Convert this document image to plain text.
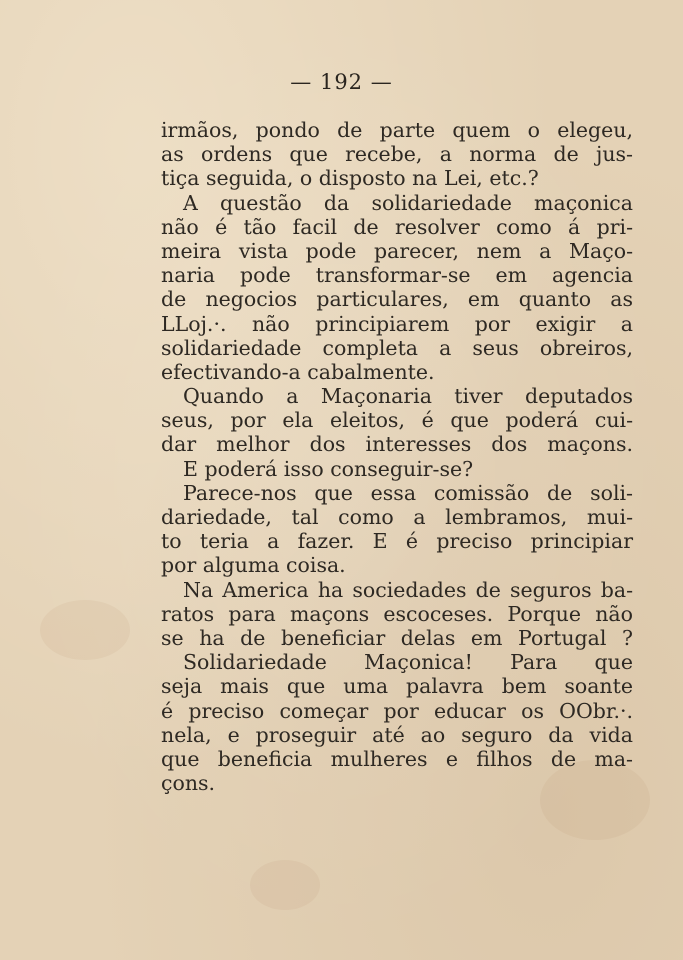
— 192 —
irmãos, pondo de parte quem o elegeu,
as ordens que recebe, a norma de jus-
tiça seguida, o disposto na Lei, etc.?
A questão da solidariedade maçonica
não é tão facil de resolver como á pri-
meira vista pode parecer, nem a Maço-
naria pode transformar-se em agencia
de negocios particulares, em quanto as
LLoj.·. não principiarem por exigir a
solidariedade completa a seus obreiros,
efectivando-a cabalmente.
Quando a Maçonaria tiver deputados
seus, por ela eleitos, é que poderá cui-
dar melhor dos interesses dos maçons.
E poderá isso conseguir-se?
Parece-nos que essa comissão de soli-
dariedade, tal como a lembramos, mui-
to teria a fazer. E é preciso principiar
por alguma coisa.
Na America ha sociedades de seguros ba-
ratos para maçons escoceses. Porque não
se ha de beneficiar delas em Portugal ?
Solidariedade Maçonica! Para que
seja mais que uma palavra bem soante
é preciso começar por educar os OObr.·.
nela, e proseguir até ao seguro da vida
que beneficia mulheres e filhos de ma-
çons.
